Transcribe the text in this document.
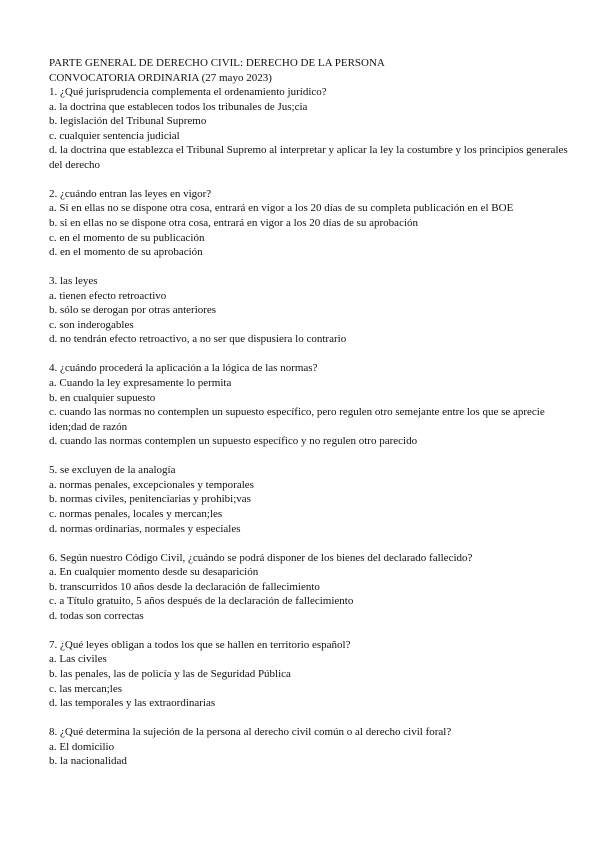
PARTE GENERAL DE DERECHO CIVIL: DERECHO DE LA PERSONA
CONVOCATORIA ORDINARIA (27 mayo 2023)
1. ¿Qué jurisprudencia complementa el ordenamiento jurídico?
a. la doctrina que establecen todos los tribunales de Jus;cia
b. legislación del Tribunal Supremo
c. cualquier sentencia judicial
d. la doctrina que establezca el Tribunal Supremo al interpretar y aplicar la ley la costumbre y los principios generales del derecho
2. ¿cuándo entran las leyes en vigor?
a. Si en ellas no se dispone otra cosa, entrará en vigor a los 20 días de su completa publicación en el BOE
b. si en ellas no se dispone otra cosa, entrará en vigor a los 20 días de su aprobación
c. en el momento de su publicación
d. en el momento de su aprobación
3. las leyes
a. tienen efecto retroactivo
b. sólo se derogan por otras anteriores
c. son inderogables
d. no tendrán efecto retroactivo, a no ser que dispusiera lo contrario
4. ¿cuándo procederá la aplicación a la lógica de las normas?
a. Cuando la ley expresamente lo permita
b. en cualquier supuesto
c. cuando las normas no contemplen un supuesto específico, pero regulen otro semejante entre los que se aprecie iden;dad de razón
d. cuando las normas contemplen un supuesto específico y no regulen otro parecido
5. se excluyen de la analogía
a. normas penales, excepcionales y temporales
b. normas civiles, penitenciarias y prohibi;vas
c. normas penales, locales y mercan;les
d. normas ordinarias, normales y especiales
6. Según nuestro Código Civil, ¿cuándo se podrá disponer de los bienes del declarado fallecido?
a. En cualquier momento desde su desaparición
b. transcurridos 10 años desde la declaración de fallecimiento
c. a Título gratuito, 5 años después de la declaración de fallecimiento
d. todas son correctas
7. ¿Qué leyes obligan a todos los que se hallen en territorio español?
a. Las civiles
b. las penales, las de policía y las de Seguridad Pública
c. las mercan;les
d. las temporales y las extraordinarias
8. ¿Qué determina la sujeción de la persona al derecho civil común o al derecho civil foral?
a. El domicilio
b. la nacionalidad
